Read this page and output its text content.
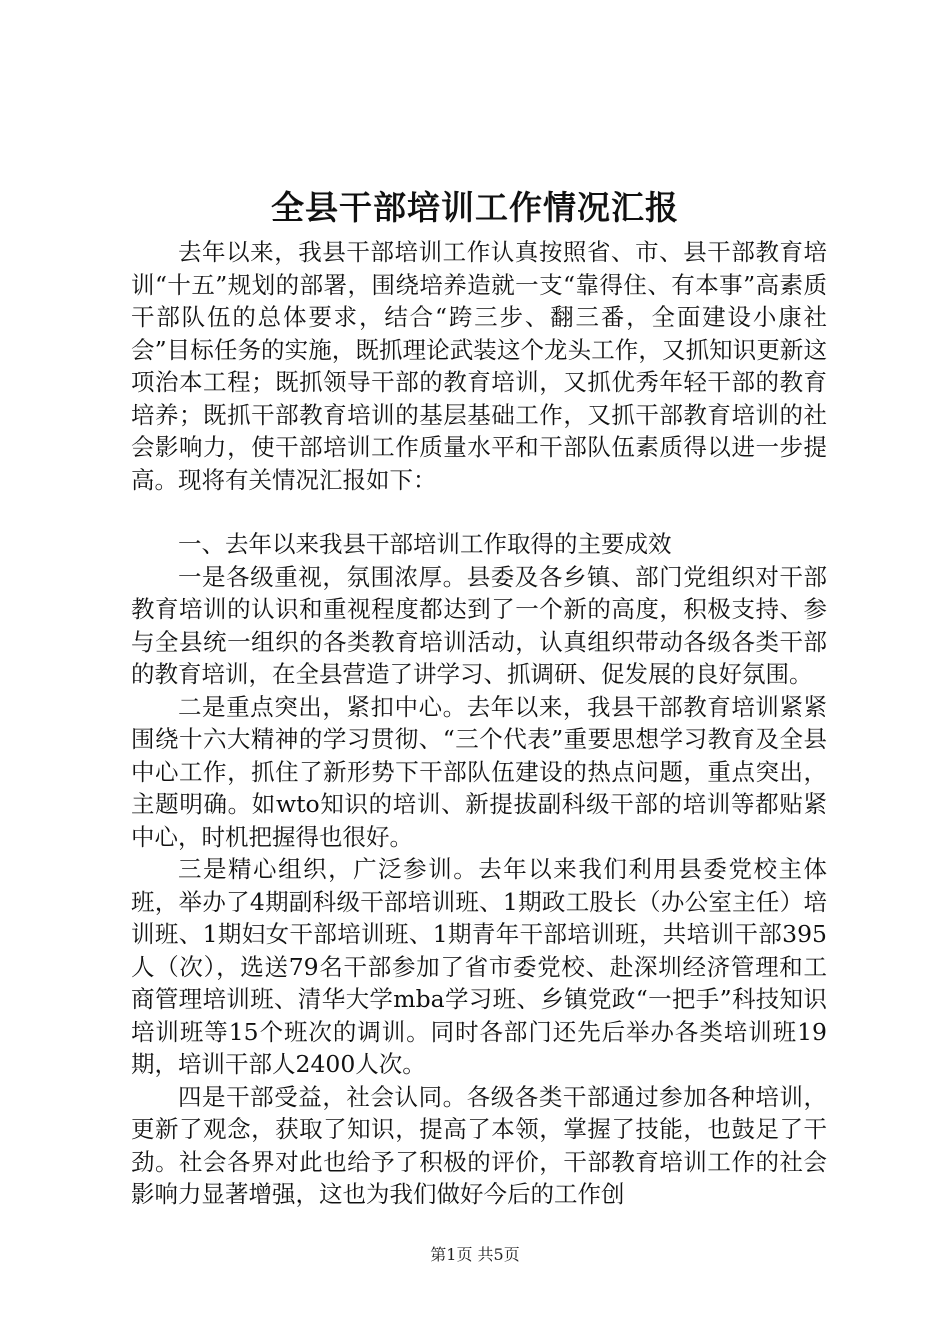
全县干部培训工作情况汇报

去年以来，我县干部培训工作认真按照省、市、县干部教育培训“十五”规划的部署，围绕培养造就一支“靠得住、有本事”高素质干部队伍的总体要求，结合“跨三步、翻三番，全面建设小康社会”目标任务的实施，既抓理论武装这个龙头工作，又抓知识更新这项治本工程；既抓领导干部的教育培训，又抓优秀年轻干部的教育培养；既抓干部教育培训的基层基础工作，又抓干部教育培训的社会影响力，使干部培训工作质量水平和干部队伍素质得以进一步提高。现将有关情况汇报如下：

一、去年以来我县干部培训工作取得的主要成效

一是各级重视，氛围浓厚。县委及各乡镇、部门党组织对干部教育培训的认识和重视程度都达到了一个新的高度，积极支持、参与全县统一组织的各类教育培训活动，认真组织带动各级各类干部的教育培训，在全县营造了讲学习、抓调研、促发展的良好氛围。

二是重点突出，紧扣中心。去年以来，我县干部教育培训紧紧围绕十六大精神的学习贯彻、“三个代表”重要思想学习教育及全县中心工作，抓住了新形势下干部队伍建设的热点问题，重点突出，主题明确。如wto知识的培训、新提拔副科级干部的培训等都贴紧中心，时机把握得也很好。

三是精心组织，广泛参训。去年以来我们利用县委党校主体班，举办了4期副科级干部培训班、1期政工股长（办公室主任）培训班、1期妇女干部培训班、1期青年干部培训班，共培训干部395人（次），选送79名干部参加了省市委党校、赴深圳经济管理和工商管理培训班、清华大学mba学习班、乡镇党政“一把手”科技知识培训班等15个班次的调训。同时各部门还先后举办各类培训班19期，培训干部人2400人次。

四是干部受益，社会认同。各级各类干部通过参加各种培训，更新了观念，获取了知识，提高了本领，掌握了技能，也鼓足了干劲。社会各界对此也给予了积极的评价，干部教育培训工作的社会影响力显著增强，这也为我们做好今后的工作创

第1页 共5页
